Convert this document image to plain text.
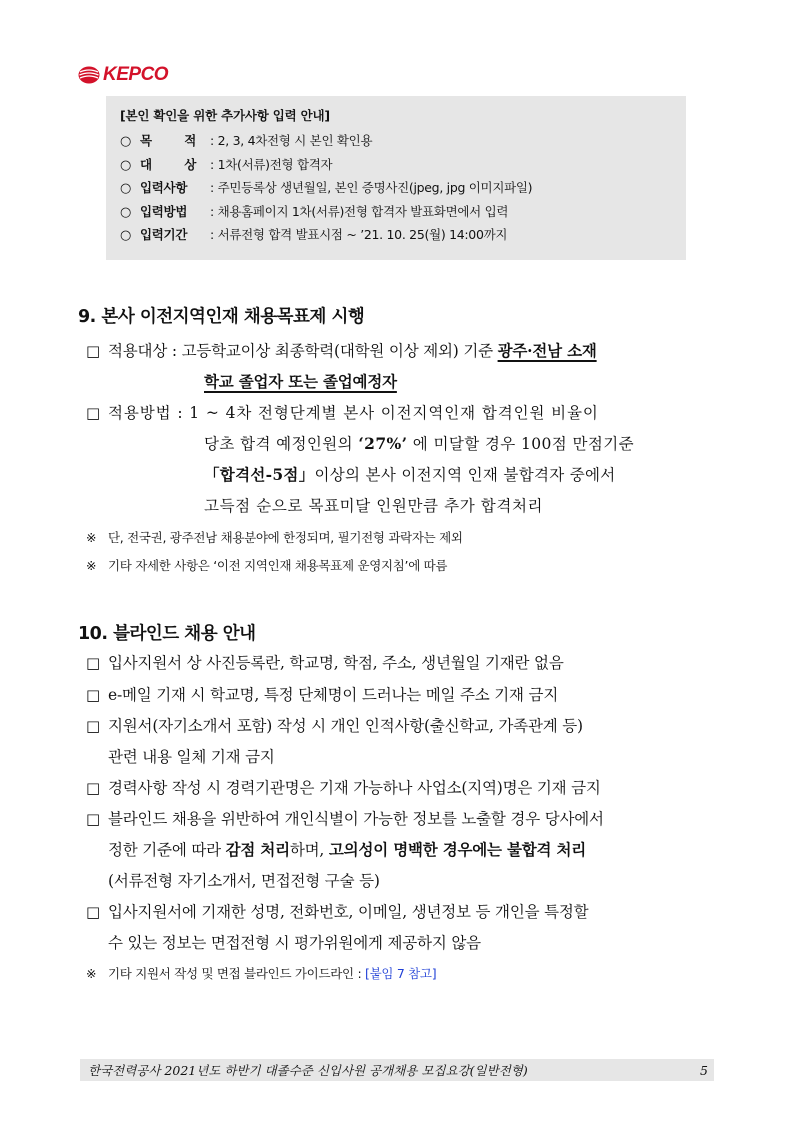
KEPCO
[본인 확인을 위한 추가사항 입력 안내]
○ 목	적 : 2, 3, 4차전형 시 본인 확인용
○ 대	상 : 1차(서류)전형 합격자
○ 입력사항	: 주민등록상 생년월일, 본인 증명사진(jpeg, jpg 이미지파일)
○ 입력방법	: 채용홈페이지 1차(서류)전형 합격자 발표화면에서 입력
○ 입력기간	: 서류전형 합격 발표시점 ~ ’21. 10. 25(월) 14:00까지
9. 본사 이전지역인재 채용목표제 시행
□ 적용대상 : 고등학교이상 최종학력(대학원 이상 제외) 기준 광주·전남 소재
학교 졸업자 또는 졸업예정자
□ 적용방법 : 1 ~ 4차 전형단계별 본사 이전지역인재 합격인원 비율이
당초 합격 예정인원의 ‘27%’ 에 미달할 경우 100점 만점기준
「합격선-5점」이상의 본사 이전지역 인재 불합격자 중에서
고득점 순으로 목표미달 인원만큼 추가 합격처리
※ 단, 전국권, 광주전남 채용분야에 한정되며, 필기전형 과락자는 제외
※ 기타 자세한 사항은 ‘이전 지역인재 채용목표제 운영지침’에 따름
10. 블라인드 채용 안내
□ 입사지원서 상 사진등록란, 학교명, 학점, 주소, 생년월일 기재란 없음
□ e-메일 기재 시 학교명, 특정 단체명이 드러나는 메일 주소 기재 금지
□ 지원서(자기소개서 포함) 작성 시 개인 인적사항(출신학교, 가족관계 등)
관련 내용 일체 기재 금지
□ 경력사항 작성 시 경력기관명은 기재 가능하나 사업소(지역)명은 기재 금지
□ 블라인드 채용을 위반하여 개인식별이 가능한 정보를 노출할 경우 당사에서
정한 기준에 따라 감점 처리하며, 고의성이 명백한 경우에는 불합격 처리
(서류전형 자기소개서, 면접전형 구술 등)
□ 입사지원서에 기재한 성명, 전화번호, 이메일, 생년정보 등 개인을 특정할
수 있는 정보는 면접전형 시 평가위원에게 제공하지 않음
※ 기타 지원서 작성 및 면접 블라인드 가이드라인 : [붙임 7 참고]
한국전력공사 2021년도 하반기 대졸수준 신입사원 공개채용 모집요강(일반전형)	5
